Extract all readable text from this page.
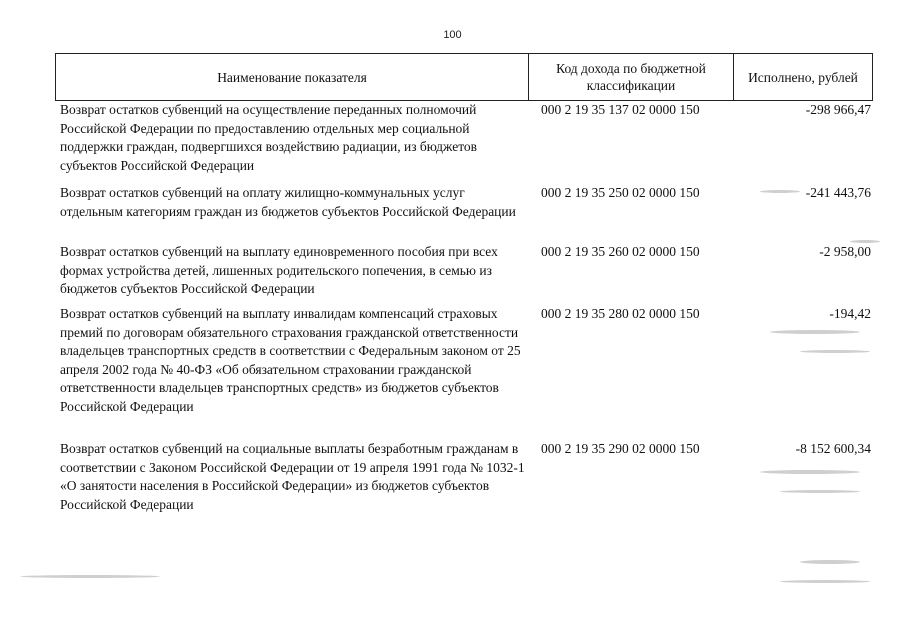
100
Наименование показателя
Код дохода по бюджетной классификации
Исполнено, рублей
Возврат остатков субвенций на осуществление переданных полномочий Российской Федерации по предоставлению отдельных мер социальной поддержки граждан, подвергшихся воздействию радиации, из бюджетов субъектов Российской Федерации
000 2 19 35 137 02 0000 150	-298 966,47
Возврат остатков субвенций на оплату жилищно-коммунальных услуг отдельным категориям граждан из бюджетов субъектов Российской Федерации
000 2 19 35 250 02 0000 150	-241 443,76
Возврат остатков субвенций на выплату единовременного пособия при всех формах устройства детей, лишенных родительского попечения, в семью из бюджетов субъектов Российской Федерации
000 2 19 35 260 02 0000 150	-2 958,00
Возврат остатков субвенций на выплату инвалидам компенсаций страховых премий по договорам обязательного страхования гражданской ответственности владельцев транспортных средств в соответствии с Федеральным законом от 25 апреля 2002 года № 40-ФЗ «Об обязательном страховании гражданской ответственности владельцев транспортных средств» из бюджетов субъектов Российской Федерации
000 2 19 35 280 02 0000 150	-194,42
Возврат остатков субвенций на социальные выплаты безработным гражданам в соответствии с Законом Российской Федерации от 19 апреля 1991 года № 1032-1 «О занятости населения в Российской Федерации» из бюджетов субъектов Российской Федерации
000 2 19 35 290 02 0000 150	-8 152 600,34
